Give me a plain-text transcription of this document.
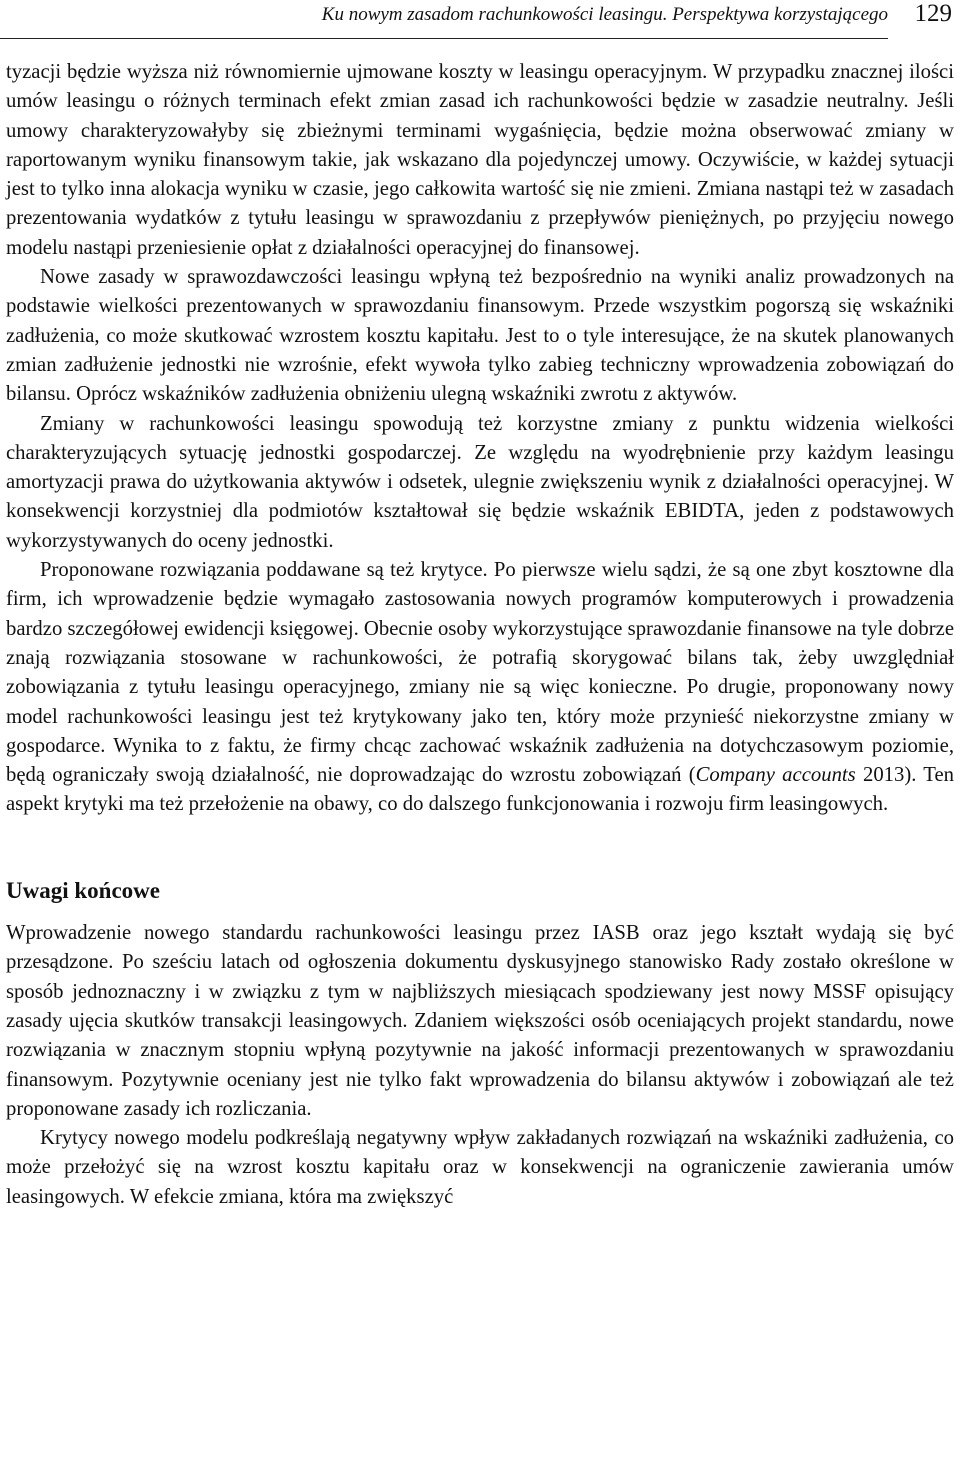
Ku nowym zasadom rachunkowości leasingu. Perspektywa korzystającego 129

tyzacji będzie wyższa niż równomiernie ujmowane koszty w leasingu operacyjnym. W przypadku znacznej ilości umów leasingu o różnych terminach efekt zmian zasad ich rachunkowości będzie w zasadzie neutralny. Jeśli umowy charakteryzowałyby się zbieżnymi terminami wygaśnięcia, będzie można obserwować zmiany w raportowanym wyniku finansowym takie, jak wskazano dla pojedynczej umowy. Oczywiście, w każdej sytuacji jest to tylko inna alokacja wyniku w czasie, jego całkowita wartość się nie zmieni. Zmiana nastąpi też w zasadach prezentowania wydatków z tytułu leasingu w sprawozdaniu z przepływów pieniężnych, po przyjęciu nowego modelu nastąpi przeniesienie opłat z działalności operacyjnej do finansowej.

Nowe zasady w sprawozdawczości leasingu wpłyną też bezpośrednio na wyniki analiz prowadzonych na podstawie wielkości prezentowanych w sprawozdaniu finansowym. Przede wszystkim pogorszą się wskaźniki zadłużenia, co może skutkować wzrostem kosztu kapitału. Jest to o tyle interesujące, że na skutek planowanych zmian zadłużenie jednostki nie wzrośnie, efekt wywoła tylko zabieg techniczny wprowadzenia zobowiązań do bilansu. Oprócz wskaźników zadłużenia obniżeniu ulegną wskaźniki zwrotu z aktywów.

Zmiany w rachunkowości leasingu spowodują też korzystne zmiany z punktu widzenia wielkości charakteryzujących sytuację jednostki gospodarczej. Ze względu na wyodrębnienie przy każdym leasingu amortyzacji prawa do użytkowania aktywów i odsetek, ulegnie zwiększeniu wynik z działalności operacyjnej. W konsekwencji korzystniej dla podmiotów kształtował się będzie wskaźnik EBIDTA, jeden z podstawowych wykorzystywanych do oceny jednostki.

Proponowane rozwiązania poddawane są też krytyce. Po pierwsze wielu sądzi, że są one zbyt kosztowne dla firm, ich wprowadzenie będzie wymagało zastosowania nowych programów komputerowych i prowadzenia bardzo szczegółowej ewidencji księgowej. Obecnie osoby wykorzystujące sprawozdanie finansowe na tyle dobrze znają rozwiązania stosowane w rachunkowości, że potrafią skorygować bilans tak, żeby uwzględniał zobowiązania z tytułu leasingu operacyjnego, zmiany nie są więc konieczne. Po drugie, proponowany nowy model rachunkowości leasingu jest też krytykowany jako ten, który może przynieść niekorzystne zmiany w gospodarce. Wynika to z faktu, że firmy chcąc zachować wskaźnik zadłużenia na dotychczasowym poziomie, będą ograniczały swoją działalność, nie doprowadzając do wzrostu zobowiązań (Company accounts 2013). Ten aspekt krytyki ma też przełożenie na obawy, co do dalszego funkcjonowania i rozwoju firm leasingowych.

Uwagi końcowe

Wprowadzenie nowego standardu rachunkowości leasingu przez IASB oraz jego kształt wydają się być przesądzone. Po sześciu latach od ogłoszenia dokumentu dyskusyjnego stanowisko Rady zostało określone w sposób jednoznaczny i w związku z tym w najbliższych miesiącach spodziewany jest nowy MSSF opisujący zasady ujęcia skutków transakcji leasingowych. Zdaniem większości osób oceniających projekt standardu, nowe rozwiązania w znacznym stopniu wpłyną pozytywnie na jakość informacji prezentowanych w sprawozdaniu finansowym. Pozytywnie oceniany jest nie tylko fakt wprowadzenia do bilansu aktywów i zobowiązań ale też proponowane zasady ich rozliczania.

Krytycy nowego modelu podkreślają negatywny wpływ zakładanych rozwiązań na wskaźniki zadłużenia, co może przełożyć się na wzrost kosztu kapitału oraz w konsekwencji na ograniczenie zawierania umów leasingowych. W efekcie zmiana, która ma zwiększyć
